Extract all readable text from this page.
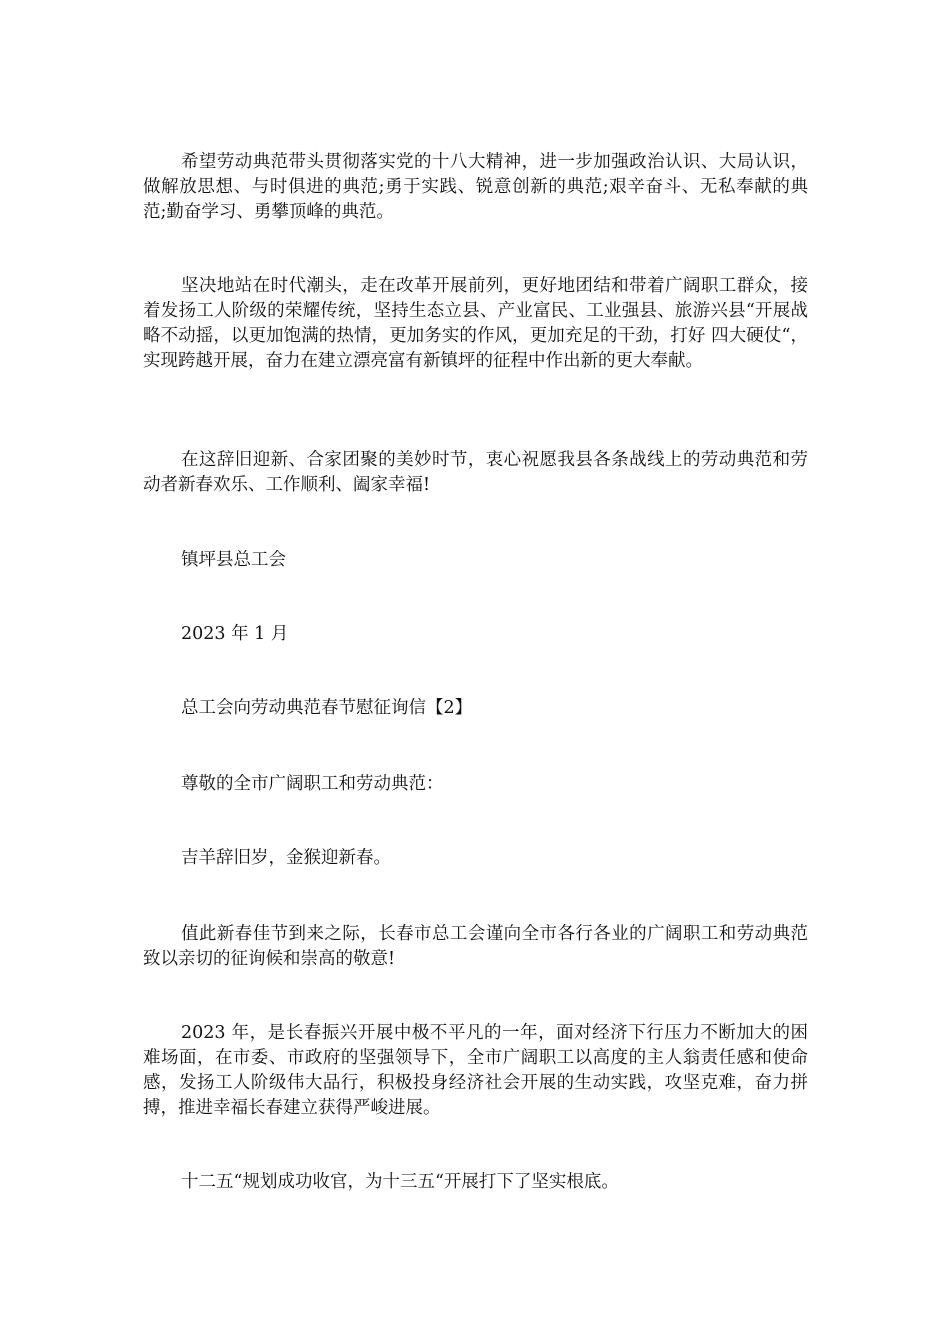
希望劳动典范带头贯彻落实党的十八大精神，进一步加强政治认识、大局认识，做解放思想、与时俱进的典范;勇于实践、锐意创新的典范;艰辛奋斗、无私奉献的典范;勤奋学习、勇攀顶峰的典范。

坚决地站在时代潮头，走在改革开展前列，更好地团结和带着广阔职工群众，接着发扬工人阶级的荣耀传统，坚持生态立县、产业富民、工业强县、旅游兴县“开展战略不动摇，以更加饱满的热情，更加务实的作风，更加充足的干劲，打好 四大硬仗“，实现跨越开展，奋力在建立漂亮富有新镇坪的征程中作出新的更大奉献。

在这辞旧迎新、合家团聚的美妙时节，衷心祝愿我县各条战线上的劳动典范和劳动者新春欢乐、工作顺利、阖家幸福!

镇坪县总工会

2023 年 1 月

总工会向劳动典范春节慰征询信【2】

尊敬的全市广阔职工和劳动典范：

吉羊辞旧岁，金猴迎新春。

值此新春佳节到来之际，长春市总工会谨向全市各行各业的广阔职工和劳动典范致以亲切的征询候和崇高的敬意!

2023 年，是长春振兴开展中极不平凡的一年，面对经济下行压力不断加大的困难场面，在市委、市政府的坚强领导下，全市广阔职工以高度的主人翁责任感和使命感，发扬工人阶级伟大品行，积极投身经济社会开展的生动实践，攻坚克难，奋力拼搏，推进幸福长春建立获得严峻进展。

十二五“规划成功收官，为十三五“开展打下了坚实根底。
